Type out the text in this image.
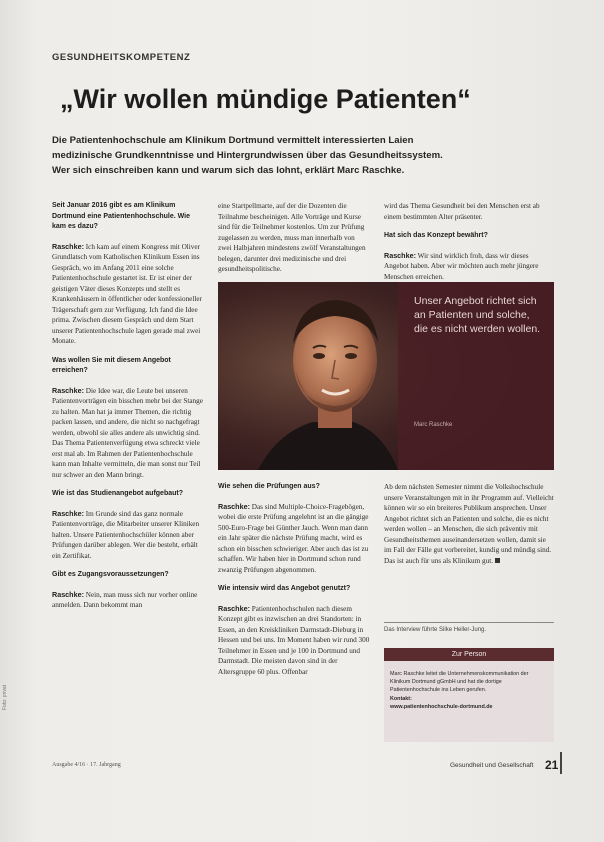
GESUNDHEITSKOMPETENZ
„Wir wollen mündige Patienten“

Die Patientenhochschule am Klinikum Dortmund vermittelt interessierten Laien

medizinische Grundkenntnisse und Hintergrundwissen über das Gesundheitssystem.

Wer sich einschreiben kann und warum sich das lohnt, erklärt Marc Raschke.

Seit Januar 2016 gibt es am Klinikum Dortmund eine Patientenhochschule. Wie kam es dazu?

Raschke: Ich kam auf einem Kongress mit Oliver Grundlatsch vom Katholischen Klinikum Essen ins Gespräch, wo im Anfang 2011 eine solche Patientenhochschule gestartet ist. Er ist einer der geistigen Väter dieses Konzepts und stellt es Krankenhäusern in öffentlicher oder konfessioneller Trägerschaft gern zur Verfügung. Ich fand die Idee prima. Zwischen diesem Gespräch und dem Start unserer Patientenhochschule lagen gerade mal zwei Monate.

Was wollen Sie mit diesem Angebot erreichen?

Raschke: Die Idee war, die Leute bei unseren Patientenvorträgen ein bisschen mehr bei der Stange zu halten. Man hat ja immer Themen, die richtig packen lassen, und andere, die nicht so nachgefragt werden, obwohl sie alles andere als unwichtig sind. Das Thema Patientenverfügung etwa schreckt viele erst mal ab. Im Rahmen der Patientenhochschule kann man Inhalte vermitteln, die man sonst nur Teil nur schwer an den Mann bringt.

Wie ist das Studienangebot aufgebaut?

Raschke: Im Grunde sind das ganz normale Patientenvorträge, die Mitarbeiter unserer Kliniken halten. Unsere Patientenhochschüler können aber Prüfungen darüber ablegen. Wer die besteht, erhält ein Zertifikat.

Gibt es Zugangsvoraussetzungen?

Raschke: Nein, man muss sich nur vorher online anmelden. Dann bekommt man

eine Startpellmarte, auf der die Dozenten die Teilnahme bescheinigen. Alle Vorträge und Kurse sind für die Teilnehmer kostenlos. Um zur Prüfung zugelassen zu werden, muss man innerhalb von zwei Halbjahren mindestens zwölf Veranstaltungen belegen, darunter drei medizinische und drei gesundheitspolitische.

wird das Thema Gesundheit bei den Menschen erst ab einem bestimmten Alter präsenter.

Hat sich das Konzept bewährt?

Raschke: Wir sind wirklich froh, dass wir dieses Angebot haben. Aber wir möchten auch mehr jüngere Menschen erreichen.

Unser Angebot richtet sich an Patienten und solche, die es nicht werden wollen.
Marc Raschke

Wie sehen die Prüfungen aus?

Raschke: Das sind Multiple-Choice-Fragebögen, wobei die erste Prüfung angelehnt ist an die gängige 500-Euro-Frage bei Günther Jauch. Wenn man dann ein Jahr später die nächste Prüfung macht, wird es schon ein bisschen schwieriger. Aber auch das ist zu schaffen. Wir haben hier in Dortmund schon rund zwanzig Prüfungen abgenommen.

Wie intensiv wird das Angebot genutzt?

Raschke: Patientenhochschulen nach diesem Konzept gibt es inzwischen an drei Standorten: in Essen, an den Kreiskliniken Darmstadt-Dieburg in Hessen und bei uns. Im Moment haben wir rund 300 Teilnehmer in Essen und je 100 in Dortmund und Darmstadt. Die meisten davon sind in der Altersgruppe 60 plus. Offenbar

Ab dem nächsten Semester nimmt die Volkshochschule unsere Veranstaltungen mit in ihr Programm auf. Vielleicht können wir so ein breiteres Publikum ansprechen. Unser Angebot richtet sich an Patienten und solche, die es nicht werden wollen – an Menschen, die sich präventiv mit Gesundheitsthemen auseinandersetzen wollen, damit sie im Fall der Fälle gut vorbereitet, kundig und mündig sind. Das ist auch für uns als Klinikum gut.

Das Interview führte Silke Heller-Jung.
Zur Person

Marc Raschke leitet die Unternehmenskommunikation der Klinikum Dortmund gGmbH und hat die dortige Patientenhochschule ins Leben gerufen.

Kontakt:

www.patientenhochschule-dortmund.de

Ausgabe 4/16 · 17. Jahrgang	Gesundheit und Gesellschaft 21
Foto: privat
